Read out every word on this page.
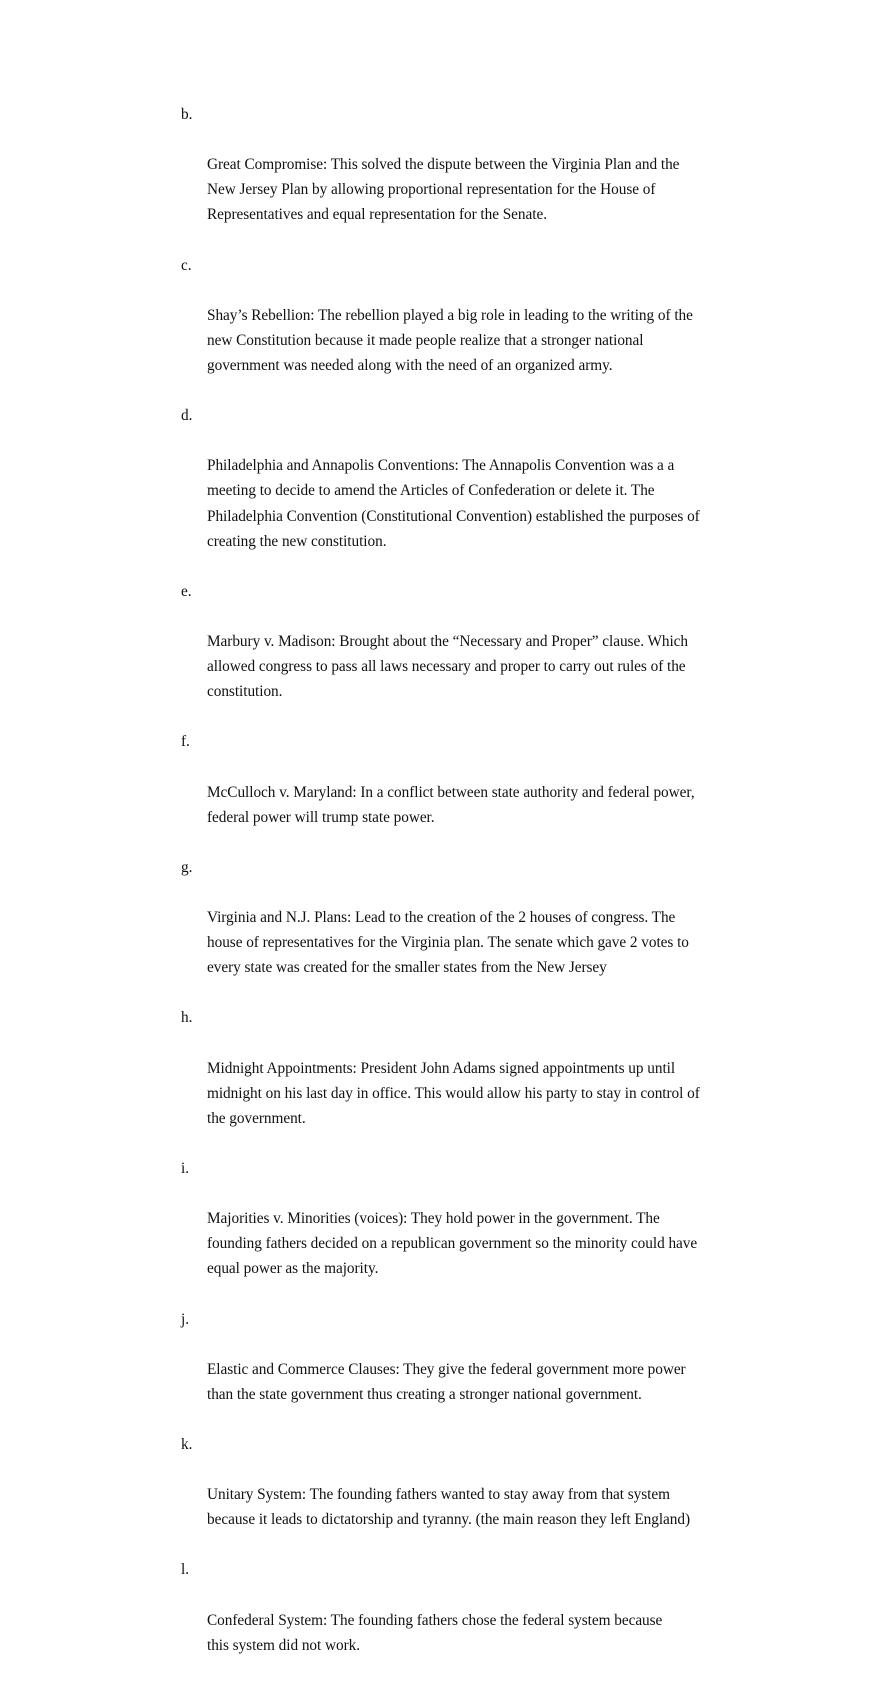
b.

Great Compromise: This solved the dispute between the Virginia Plan and the
New Jersey Plan by allowing proportional representation for the House of
Representatives and equal representation for the Senate.

c.

Shay’s Rebellion: The rebellion played a big role in leading to the writing of the
new Constitution because it made people realize that a stronger national
government was needed along with the need of an organized army.

d.

Philadelphia and Annapolis Conventions: The Annapolis Convention was a a
meeting to decide to amend the Articles of Confederation or delete it. The
Philadelphia Convention (Constitutional Convention) established the purposes of
creating the new constitution.

e.

Marbury v. Madison: Brought about the “Necessary and Proper” clause. Which
allowed congress to pass all laws necessary and proper to carry out rules of the
constitution.

f.

McCulloch v. Maryland: In a conflict between state authority and federal power,
federal power will trump state power.

g.

Virginia and N.J. Plans: Lead to the creation of the 2 houses of congress. The
house of representatives for the Virginia plan. The senate which gave 2 votes to
every state was created for the smaller states from the New Jersey

h.

Midnight Appointments: President John Adams signed appointments up until
midnight on his last day in office. This would allow his party to stay in control of
the government.

i.

Majorities v. Minorities (voices): They hold power in the government. The
founding fathers decided on a republican government so the minority could have
equal power as the majority.

j.

Elastic and Commerce Clauses: They give the federal government more power
than the state government thus creating a stronger national government.

k.

Unitary System: The founding fathers wanted to stay away from that system
because it leads to dictatorship and tyranny. (the main reason they left England)

l.

Confederal System: The founding fathers chose the federal system because
this system did not work.
